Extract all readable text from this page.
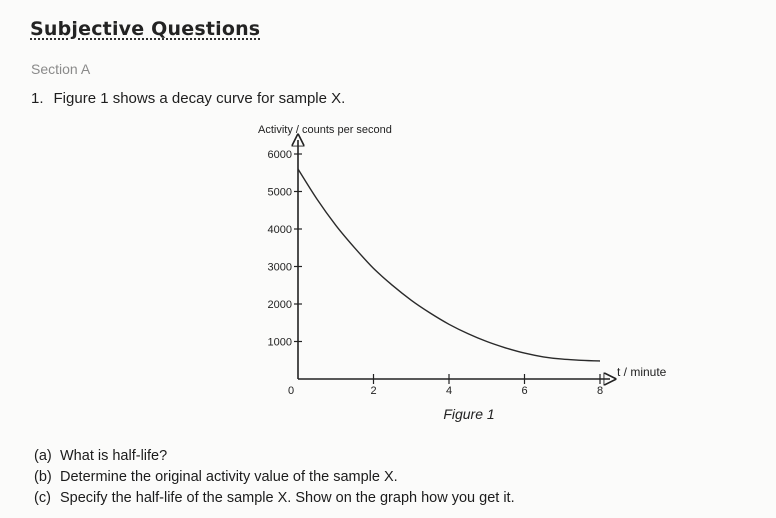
Subjective Questions
Section A
1. Figure 1 shows a decay curve for sample X.
1000
2000
3000
4000
5000
6000
2	4	6	8
Activity / counts per second
t / minute
0
Figure 1
(a) What is half-life?
(b) Determine the original activity value of the sample X.
(c) Specify the half-life of the sample X. Show on the graph how you get it.
